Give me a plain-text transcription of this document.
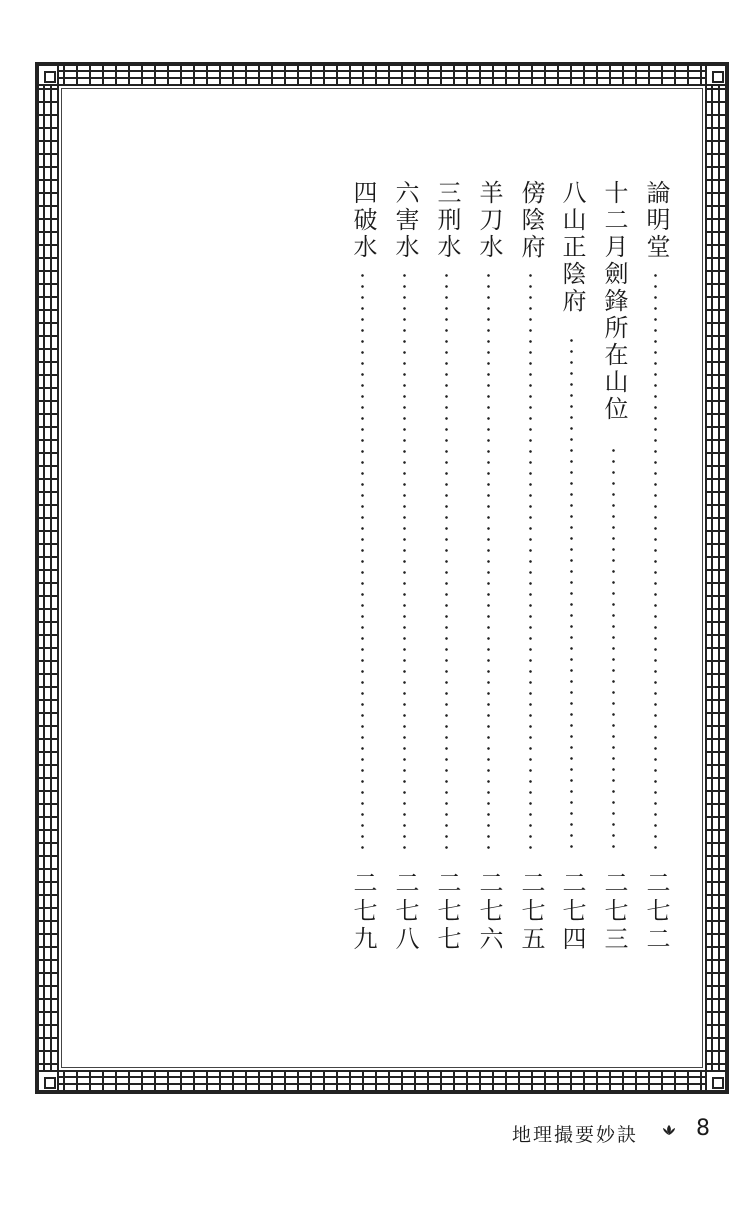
論明堂
二七二
十二月劍鋒所在山位
二七三
八山正陰府
二七四
傍陰府
二七五
羊刀水
二七六
三刑水
二七七
六害水
二七八
四破水
二七九
地理撮要妙訣	8
